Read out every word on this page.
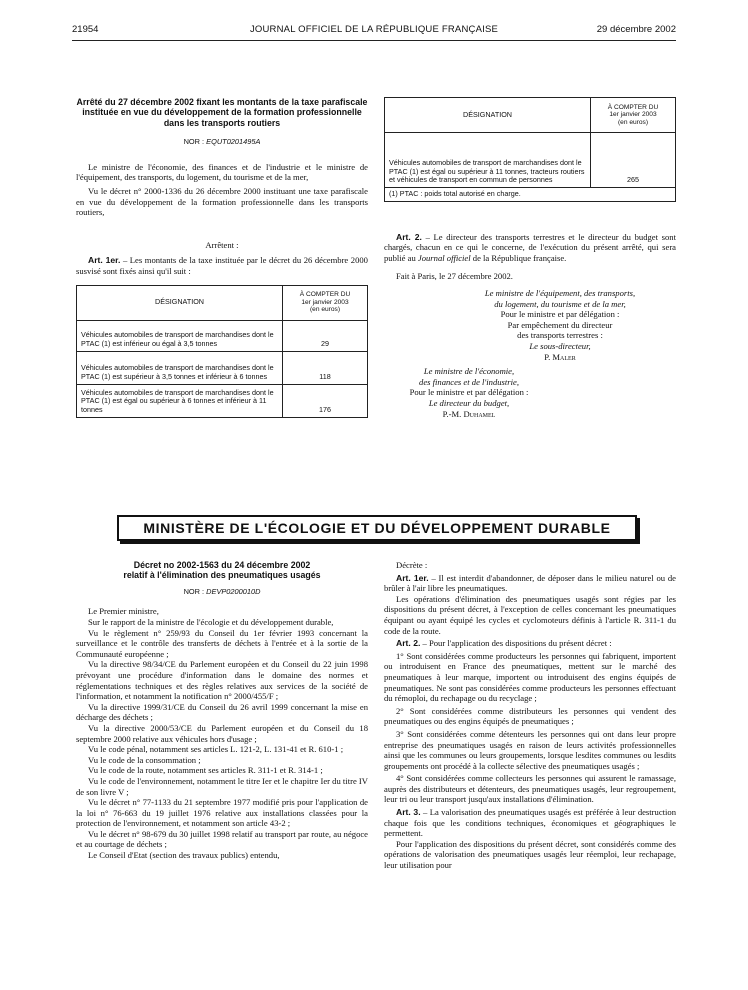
21954	JOURNAL OFFICIEL DE LA RÉPUBLIQUE FRANÇAISE	29 décembre 2002

Arrêté du 27 décembre 2002 fixant les montants de la taxe parafiscale instituée en vue du développement de la formation professionnelle dans les transports routiers

NOR : EQUT0201495A

Le ministre de l'économie, des finances et de l'industrie et le ministre de l'équipement, des transports, du logement, du tourisme et de la mer,

Vu le décret n° 2000-1336 du 26 décembre 2000 instituant une taxe parafiscale en vue du développement de la formation professionnelle dans les transports routiers,

Arrêtent :

Art. 1er. – Les montants de la taxe instituée par le décret du 26 décembre 2000 susvisé sont fixés ainsi qu'il suit :

DÉSIGNATION	À COMPTER DU
1er janvier 2003
(en euros)

Véhicules automobiles de transport de marchandises dont le PTAC (1) est inférieur ou égal à 3,5 tonnes	29
Véhicules automobiles de transport de marchandises dont le PTAC (1) est supérieur à 3,5 tonnes et inférieur à 6 tonnes	118
Véhicules automobiles de transport de marchandises dont le PTAC (1) est égal ou supérieur à 6 tonnes et inférieur à 11 tonnes	176
DÉSIGNATION	À COMPTER DU
1er janvier 2003
(en euros)

Véhicules automobiles de transport de marchandises dont le PTAC (1) est égal ou supérieur à 11 tonnes, tracteurs routiers et véhicules de transport en commun de personnes	265
(1) PTAC : poids total autorisé en charge.	

Art. 2. – Le directeur des transports terrestres et le directeur du budget sont chargés, chacun en ce qui le concerne, de l'exécution du présent arrêté, qui sera publié au Journal officiel de la République française.

Fait à Paris, le 27 décembre 2002.

Le ministre de l'équipement, des transports,
du logement, du tourisme et de la mer,
Pour le ministre et par délégation :
Par empêchement du directeur
des transports terrestres :
Le sous-directeur,
P. Maler
Le ministre de l'économie,
des finances et de l'industrie,
Pour le ministre et par délégation :
Le directeur du budget,
P.-M. Duhamel
MINISTÈRE DE L'ÉCOLOGIE ET DU DÉVELOPPEMENT DURABLE

Décret no 2002-1563 du 24 décembre 2002

relatif à l'élimination des pneumatiques usagés

NOR : DEVP0200010D

Le Premier ministre,

Sur le rapport de la ministre de l'écologie et du développement durable,

Vu le règlement n° 259/93 du Conseil du 1er février 1993 concernant la surveillance et le contrôle des transferts de déchets à l'entrée et à la sortie de la Communauté européenne ;

Vu la directive 98/34/CE du Parlement européen et du Conseil du 22 juin 1998 prévoyant une procédure d'information dans le domaine des normes et réglementations techniques et des règles relatives aux services de la société de l'information, et notamment la notification n° 2000/455/F ;

Vu la directive 1999/31/CE du Conseil du 26 avril 1999 concernant la mise en décharge des déchets ;

Vu la directive 2000/53/CE du Parlement européen et du Conseil du 18 septembre 2000 relative aux véhicules hors d'usage ;

Vu le code pénal, notamment ses articles L. 121-2, L. 131-41 et R. 610-1 ;

Vu le code de la consommation ;

Vu le code de la route, notamment ses articles R. 311-1 et R. 314-1 ;

Vu le code de l'environnement, notamment le titre Ier et le chapitre Ier du titre IV de son livre V ;

Vu le décret n° 77-1133 du 21 septembre 1977 modifié pris pour l'application de la loi n° 76-663 du 19 juillet 1976 relative aux installations classées pour la protection de l'environnement, et notamment son article 43-2 ;

Vu le décret n° 98-679 du 30 juillet 1998 relatif au transport par route, au négoce et au courtage de déchets ;

Le Conseil d'Etat (section des travaux publics) entendu,

Décrète :

Art. 1er. – Il est interdit d'abandonner, de déposer dans le milieu naturel ou de brûler à l'air libre les pneumatiques.

Les opérations d'élimination des pneumatiques usagés sont régies par les dispositions du présent décret, à l'exception de celles concernant les pneumatiques équipant ou ayant équipé les cycles et cyclomoteurs définis à l'article R. 311-1 du code de la route.

Art. 2. – Pour l'application des dispositions du présent décret :

1° Sont considérées comme producteurs les personnes qui fabriquent, importent ou introduisent en France des pneumatiques, mettent sur le marché des pneumatiques à leur marque, importent ou introduisent des engins équipés de pneumatiques. Ne sont pas considérées comme producteurs les personnes effectuant du rémoploi, du rechapage ou du recyclage ;

2° Sont considérées comme distributeurs les personnes qui vendent des pneumatiques ou des engins équipés de pneumatiques ;

3° Sont considérées comme détenteurs les personnes qui ont dans leur propre entreprise des pneumatiques usagés en raison de leurs activités professionnelles ainsi que les communes ou leurs groupements, lorsque lesdites communes ou lesdits groupements ont procédé à la collecte sélective des pneumatiques usagés ;

4° Sont considérées comme collecteurs les personnes qui assurent le ramassage, auprès des distributeurs et détenteurs, des pneumatiques usagés, leur regroupement, leur tri ou leur transport jusqu'aux installations d'élimination.

Art. 3. – La valorisation des pneumatiques usagés est préférée à leur destruction chaque fois que les conditions techniques, économiques et géographiques le permettent.

Pour l'application des dispositions du présent décret, sont considérés comme des opérations de valorisation des pneumatiques usagés leur réemploi, leur rechapage, leur utilisation pour
